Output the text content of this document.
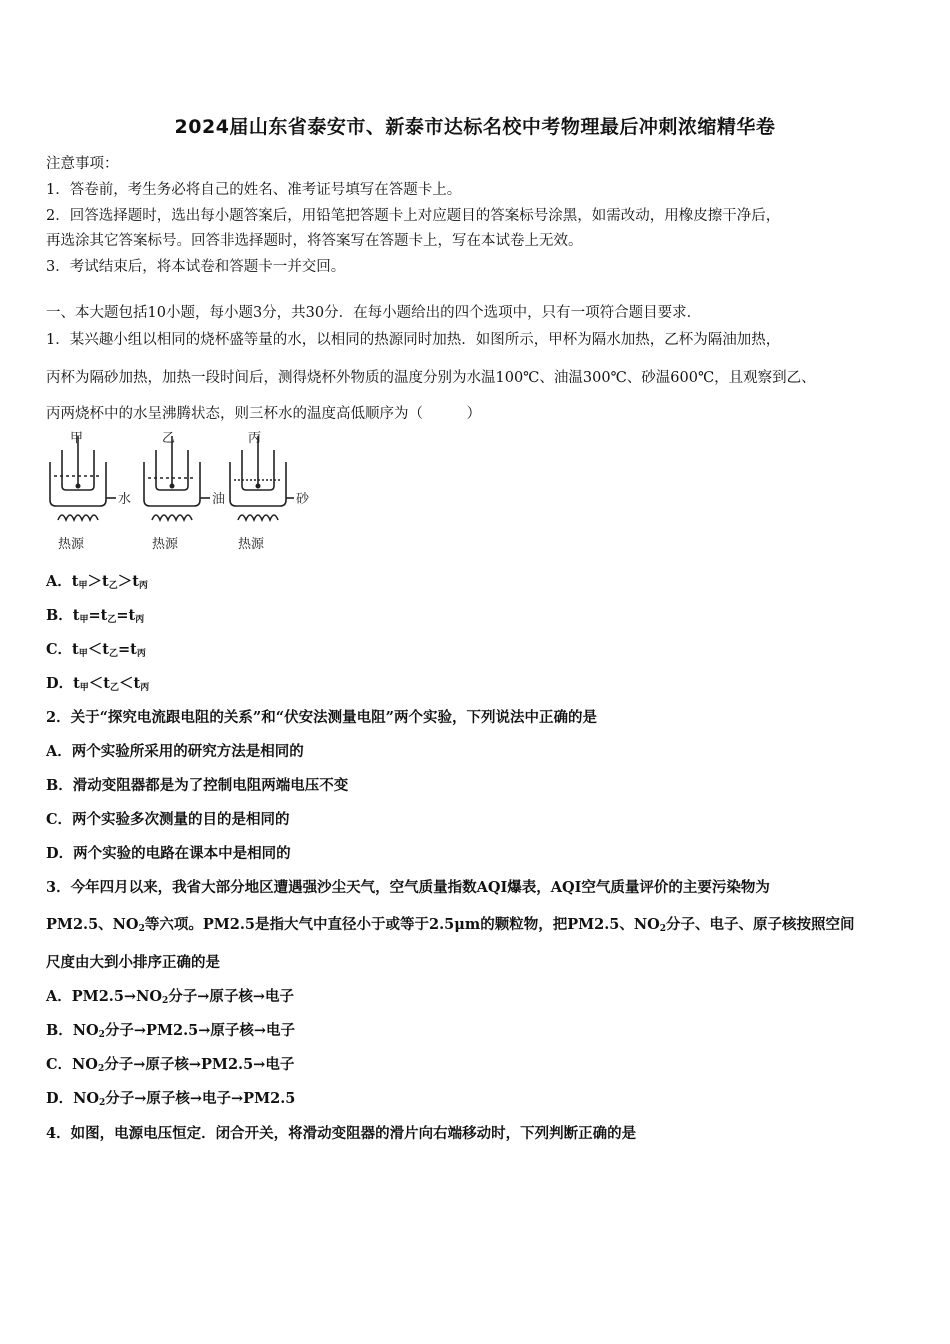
2024届山东省泰安市、新泰市达标名校中考物理最后冲刺浓缩精华卷
注意事项：
1．答卷前，考生务必将自己的姓名、准考证号填写在答题卡上。
2．回答选择题时，选出每小题答案后，用铅笔把答题卡上对应题目的答案标号涂黑，如需改动，用橡皮擦干净后，
再选涂其它答案标号。回答非选择题时，将答案写在答题卡上，写在本试卷上无效。
3．考试结束后，将本试卷和答题卡一并交回。
一、本大题包括10小题，每小题3分，共30分．在每小题给出的四个选项中，只有一项符合题目要求．
1．某兴趣小组以相同的烧杯盛等量的水，以相同的热源同时加热．如图所示，甲杯为隔水加热，乙杯为隔油加热，
丙杯为隔砂加热，加热一段时间后，测得烧杯外物质的温度分别为水温100℃、油温300℃、砂温600℃，且观察到乙、
丙两烧杯中的水呈沸腾状态，则三杯水的温度高低顺序为（　　　）
甲	乙	丙
水	油	砂
热源	热源	热源
A．$t_甲>t_乙>t_丙$
B．$t_甲=t_乙=t_丙$
C．$t_甲<t_乙=t_丙$
D．$t_甲<t_乙<t_丙$
2．关于“探究电流跟电阻的关系”和“伏安法测量电阻”两个实验，下列说法中正确的是
A．两个实验所采用的研究方法是相同的
B．滑动变阻器都是为了控制电阻两端电压不变
C．两个实验多次测量的目的是相同的
D．两个实验的电路在课本中是相同的
3．今年四月以来，我省大部分地区遭遇强沙尘天气，空气质量指数AQI爆表，AQI空气质量评价的主要污染物为
PM2.5、$NO_2$等六项。PM2.5是指大气中直径小于或等于2.5μm的颗粒物，把PM2.5、$NO_2$分子、电子、原子核按照空间
尺度由大到小排序正确的是
A．$PM2.5\to NO_2$分子→原子核→电子
B．$NO_2$分子→PM2.5→原子核→电子
C．$NO_2$分子→原子核→PM2.5→电子
D．$NO_2$分子→原子核→电子→PM2.5
4．如图，电源电压恒定．闭合开关，将滑动变阻器的滑片向右端移动时，下列判断正确的是
